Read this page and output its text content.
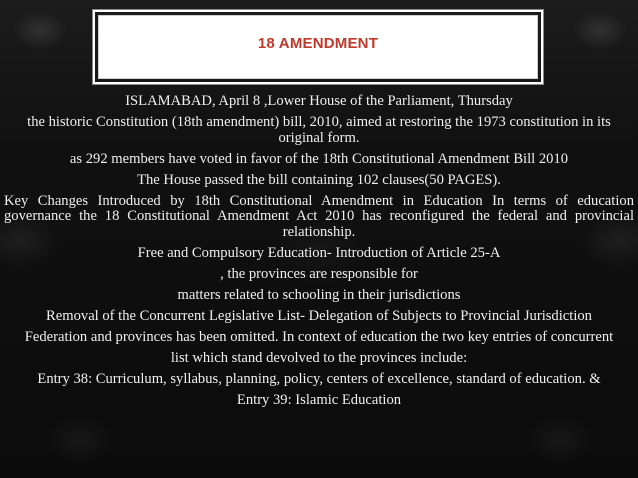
18 AMENDMENT

ISLAMABAD, April 8 ,Lower House of the Parliament, Thursday

the historic Constitution (18th amendment) bill, 2010, aimed at restoring the 1973 constitution in its original form.

as 292 members have voted in favor of the 18th Constitutional Amendment Bill 2010

The House passed the bill containing 102 clauses(50 PAGES).

Key Changes Introduced by 18th Constitutional Amendment in Education In terms of education governance the 18 Constitutional Amendment Act 2010 has reconfigured the federal and provincial relationship.

Free and Compulsory Education- Introduction of Article 25-A

, the provinces are responsible for

matters related to schooling in their jurisdictions

Removal of the Concurrent Legislative List- Delegation of Subjects to Provincial Jurisdiction

Federation and provinces has been omitted. In context of education the two key entries of concurrent

list which stand devolved to the provinces include:

Entry 38: Curriculum, syllabus, planning, policy, centers of excellence, standard of education. &

Entry 39: Islamic Education
